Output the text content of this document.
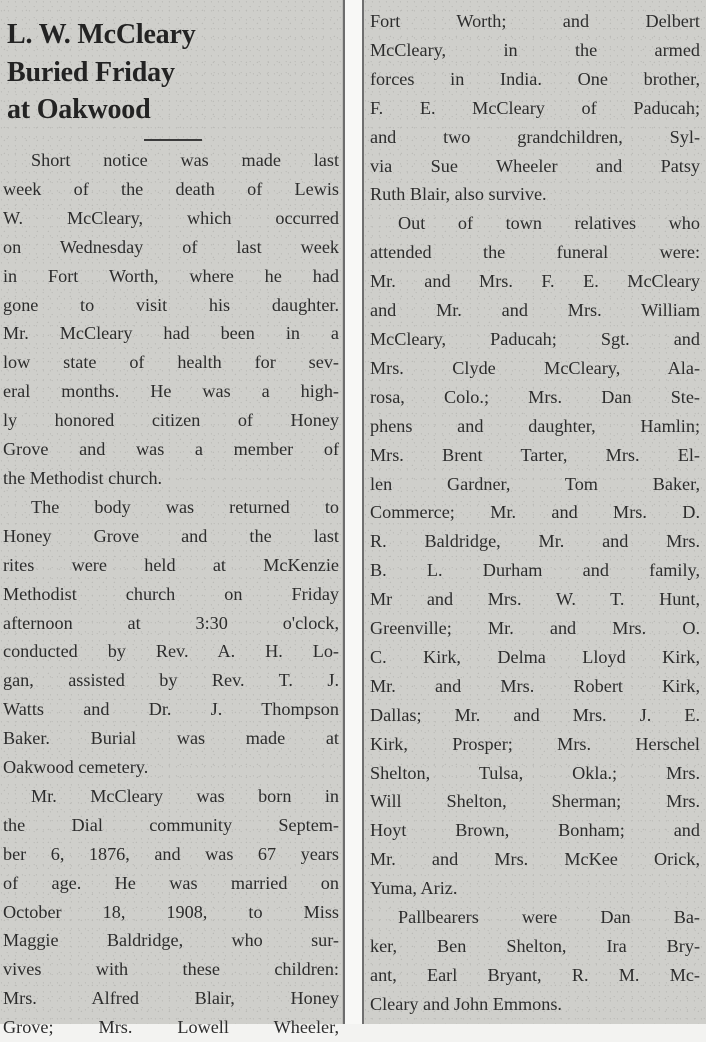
L. W. McCleary
Buried Friday
at Oakwood
Short notice was made last
week of the death of Lewis
W. McCleary, which occurred
on Wednesday of last week
in Fort Worth, where he had
gone to visit his daughter.
Mr. McCleary had been in a
low state of health for sev-
eral months. He was a high-
ly honored citizen of Honey
Grove and was a member of
the Methodist church.
The body was returned to
Honey Grove and the last
rites were held at McKenzie
Methodist church on Friday
afternoon at 3:30 o'clock,
conducted by Rev. A. H. Lo-
gan, assisted by Rev. T. J.
Watts and Dr. J. Thompson
Baker. Burial was made at
Oakwood cemetery.
Mr. McCleary was born in
the Dial community Septem-
ber 6, 1876, and was 67 years
of age. He was married on
October 18, 1908, to Miss
Maggie Baldridge, who sur-
vives with these children:
Mrs. Alfred Blair, Honey
Grove; Mrs. Lowell Wheeler,
Fort Worth; and Delbert
McCleary, in the armed
forces in India. One brother,
F. E. McCleary of Paducah;
and two grandchildren, Syl-
via Sue Wheeler and Patsy
Ruth Blair, also survive.
Out of town relatives who
attended the funeral were:
Mr. and Mrs. F. E. McCleary
and Mr. and Mrs. William
McCleary, Paducah; Sgt. and
Mrs. Clyde McCleary, Ala-
rosa, Colo.; Mrs. Dan Ste-
phens and daughter, Hamlin;
Mrs. Brent Tarter, Mrs. El-
len Gardner, Tom Baker,
Commerce; Mr. and Mrs. D.
R. Baldridge, Mr. and Mrs.
B. L. Durham and family,
Mr and Mrs. W. T. Hunt,
Greenville; Mr. and Mrs. O.
C. Kirk, Delma Lloyd Kirk,
Mr. and Mrs. Robert Kirk,
Dallas; Mr. and Mrs. J. E.
Kirk, Prosper; Mrs. Herschel
Shelton, Tulsa, Okla.; Mrs.
Will Shelton, Sherman; Mrs.
Hoyt Brown, Bonham; and
Mr. and Mrs. McKee Orick,
Yuma, Ariz.
Pallbearers were Dan Ba-
ker, Ben Shelton, Ira Bry-
ant, Earl Bryant, R. M. Mc-
Cleary and John Emmons.
